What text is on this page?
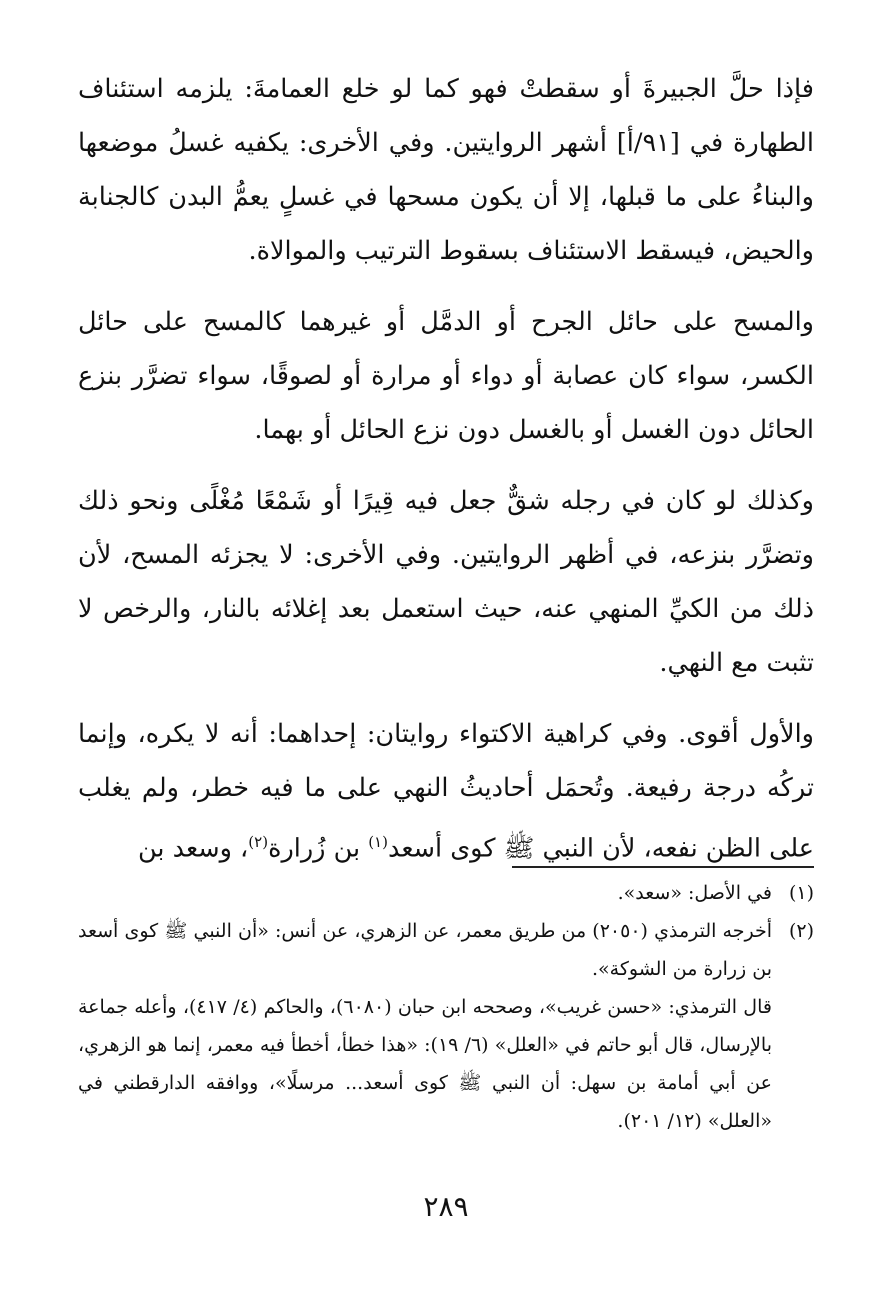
فإذا حلَّ الجبيرةَ أو سقطتْ فهو كما لو خلع العمامةَ: يلزمه استئناف الطهارة في [٩١/أ] أشهر الروايتين. وفي الأخرى: يكفيه غسلُ موضعها والبناءُ على ما قبلها، إلا أن يكون مسحها في غسلٍ يعمُّ البدن كالجنابة والحيض، فيسقط الاستئناف بسقوط الترتيب والموالاة.

والمسح على حائل الجرح أو الدمَّل أو غيرهما كالمسح على حائل الكسر، سواء كان عصابة أو دواء أو مرارة أو لصوقًا، سواء تضرَّر بنزع الحائل دون الغسل أو بالغسل دون نزع الحائل أو بهما.

وكذلك لو كان في رجله شقٌّ جعل فيه قِيرًا أو شَمْعًا مُغْلًى ونحو ذلك وتضرَّر بنزعه، في أظهر الروايتين. وفي الأخرى: لا يجزئه المسح، لأن ذلك من الكيِّ المنهي عنه، حيث استعمل بعد إغلائه بالنار، والرخص لا تثبت مع النهي.

والأول أقوى. وفي كراهية الاكتواء روايتان: إحداهما: أنه لا يكره، وإنما تركُه درجة رفيعة. وتُحمَل أحاديثُ النهي على ما فيه خطر، ولم يغلب على الظن نفعه، لأن النبي ﷺ كوى أسعد$^{(١)}$ بن زُرارة$^{(٢)}$، وسعد بن

(١)
في الأصل: «سعد».
(٢)
أخرجه الترمذي (٢٠٥٠) من طريق معمر، عن الزهري، عن أنس: «أن النبي ﷺ كوى أسعد بن زرارة من الشوكة».

قال الترمذي: «حسن غريب»، وصححه ابن حبان (٦٠٨٠)، والحاكم (٤/ ٤١٧)، وأعله جماعة بالإرسال، قال أبو حاتم في «العلل» (٦/ ١٩): «هذا خطأ، أخطأ فيه معمر، إنما هو الزهري، عن أبي أمامة بن سهل: أن النبي ﷺ كوى أسعد... مرسلًا»، ووافقه الدارقطني في «العلل» (١٢/ ٢٠١).

٢٨٩
